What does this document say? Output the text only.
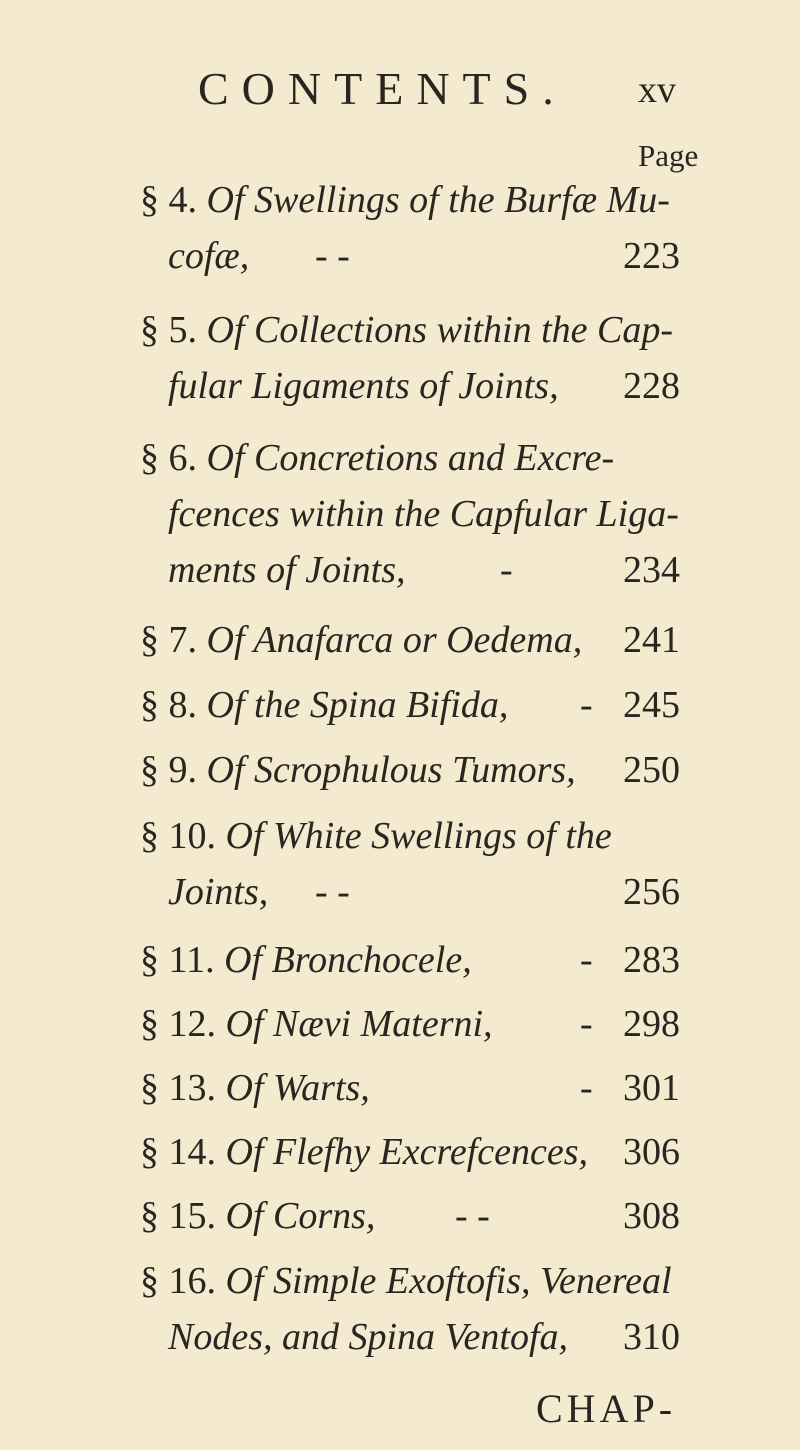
CONTENTS. xv
Page
§ 4. Of Swellings of the Burfæ Mu-
cofæ, - -	223
§ 5. Of Collections within the Cap-
fular Ligaments of Joints, 228
§ 6. Of Concretions and Excre-
fcences within the Capfular Liga-
ments of Joints, -	234
§ 7. Of Anafarca or Oedema, 241
§ 8. Of the Spina Bifida, - 245
§ 9. Of Scrophulous Tumors, 250
§ 10. Of White Swellings of the
Joints, - -	256
§ 11. Of Bronchocele,	- 283
§ 12. Of Nævi Materni, - 298
§ 13. Of Warts,	- 301
§ 14. Of Flefhy Excrefcences, 306
§ 15. Of Corns, - -	308
§ 16. Of Simple Exoftofis, Venereal
Nodes, and Spina Ventofa, 310
CHAP-
